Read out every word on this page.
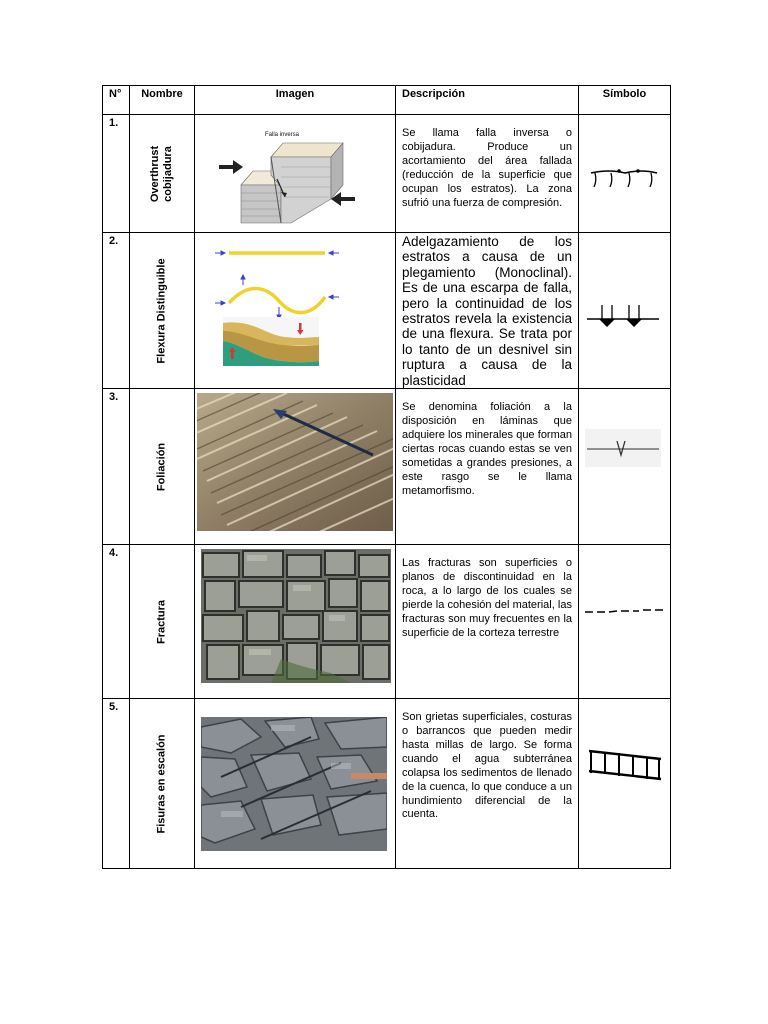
N°	Nombre	Imagen	Descripción	Símbolo
1.	Overthrust cobijadura	Falla inversa	Se llama falla inversa o cobijadura. Produce un acortamiento del área fallada (reducción de la superficie que ocupan los estratos). La zona sufrió una fuerza de compresión.	

2.	Flexura Distinguible		Adelgazamiento de los estratos a causa de un plegamiento (Monoclinal). Es de una escarpa de falla, pero la continuidad de los estratos revela la existencia de una flexura. Se trata por lo tanto de un desnivel sin ruptura a causa de la plasticidad	

3.	Foliación		Se denomina foliación a la disposición en láminas que adquiere los minerales que forman ciertas rocas cuando estas se ven sometidas a grandes presiones, a este rasgo se le llama metamorfismo.	

4.	Fractura		Las fracturas son superficies o planos de discontinuidad en la roca, a lo largo de los cuales se pierde la cohesión del material, las fracturas son muy frecuentes en la superficie de la corteza terrestre	

5.	Fisuras en escalón		Son grietas superficiales, costuras o barrancos que pueden medir hasta millas de largo. Se forma cuando el agua subterránea colapsa los sedimentos de llenado de la cuenca, lo que conduce a un hundimiento diferencial de la cuenta.	
